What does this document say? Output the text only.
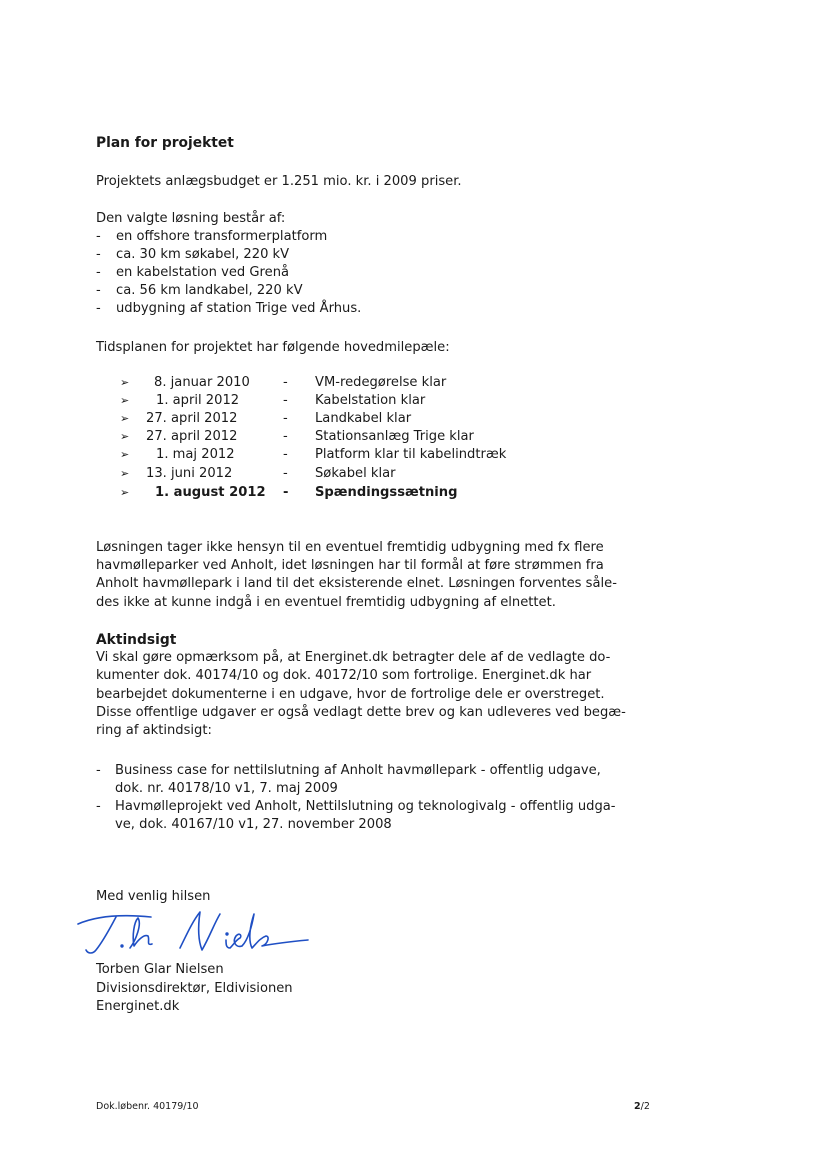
Plan for projektet
Projektets anlægsbudget er 1.251 mio. kr. i 2009 priser.
Den valgte løsning består af:
- en offshore transformerplatform
- ca. 30 km søkabel, 220 kV
- en kabelstation ved Grenå
- ca. 56 km landkabel, 220 kV
- udbygning af station Trige ved Århus.
Tidsplanen for projektet har følgende hovedmilepæle:
➢ 8. januar 2010	- VM-redegørelse klar
➢ 1. april 2012	- Kabelstation klar
➢ 27. april 2012	- Landkabel klar
➢ 27. april 2012	- Stationsanlæg Trige klar
➢ 1. maj 2012	- Platform klar til kabelindtræk
➢ 13. juni 2012	- Søkabel klar
➢ 1. august 2012 - Spændingssætning
Løsningen tager ikke hensyn til en eventuel fremtidig udbygning med fx flere
havmølleparker ved Anholt, idet løsningen har til formål at føre strømmen fra
Anholt havmøllepark i land til det eksisterende elnet. Løsningen forventes såle-
des ikke at kunne indgå i en eventuel fremtidig udbygning af elnettet.
Aktindsigt
Vi skal gøre opmærksom på, at Energinet.dk betragter dele af de vedlagte do-
kumenter dok. 40174/10 og dok. 40172/10 som fortrolige. Energinet.dk har
bearbejdet dokumenterne i en udgave, hvor de fortrolige dele er overstreget.
Disse offentlige udgaver er også vedlagt dette brev og kan udleveres ved begæ-
ring af aktindsigt:
- Business case for nettilslutning af Anholt havmøllepark - offentlig udgave,
dok. nr. 40178/10 v1, 7. maj 2009
- Havmølleprojekt ved Anholt, Nettilslutning og teknologivalg - offentlig udga-
ve, dok. 40167/10 v1, 27. november 2008
Med venlig hilsen
Torben Glar Nielsen
Divisionsdirektør, Eldivisionen
Energinet.dk
Dok.løbenr. 40179/10	2/2
